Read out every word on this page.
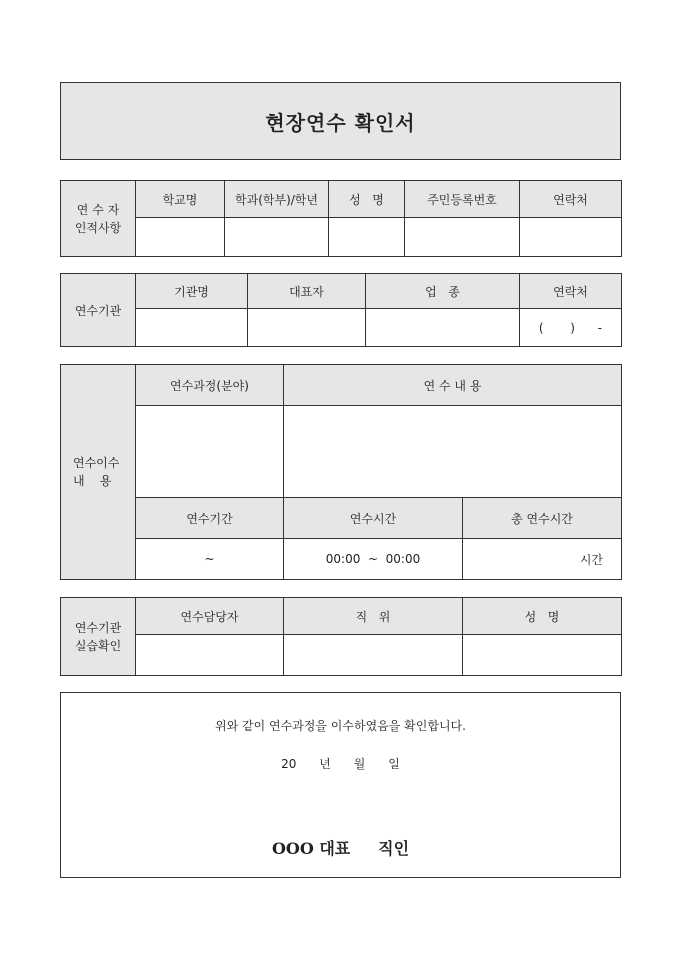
현장연수 확인서
연 수 자
인적사항	학교명	학과(학부)/학년	성   명	주민등록번호	연락처

연수기관	기관명	대표자	업   종	연락처
				(       )      -
연수이수
내    용	연수과정(분야)	연 수 내 용	

	연수기간	연수시간	총 연수시간
	~	00:00  ~  00:00	시간
연수기관
실습확인	연수담당자	직   위	성   명

위와 같이 연수과정을 이수하였음을 확인합니다.
20      년      월      일
OOO 대표     직인
